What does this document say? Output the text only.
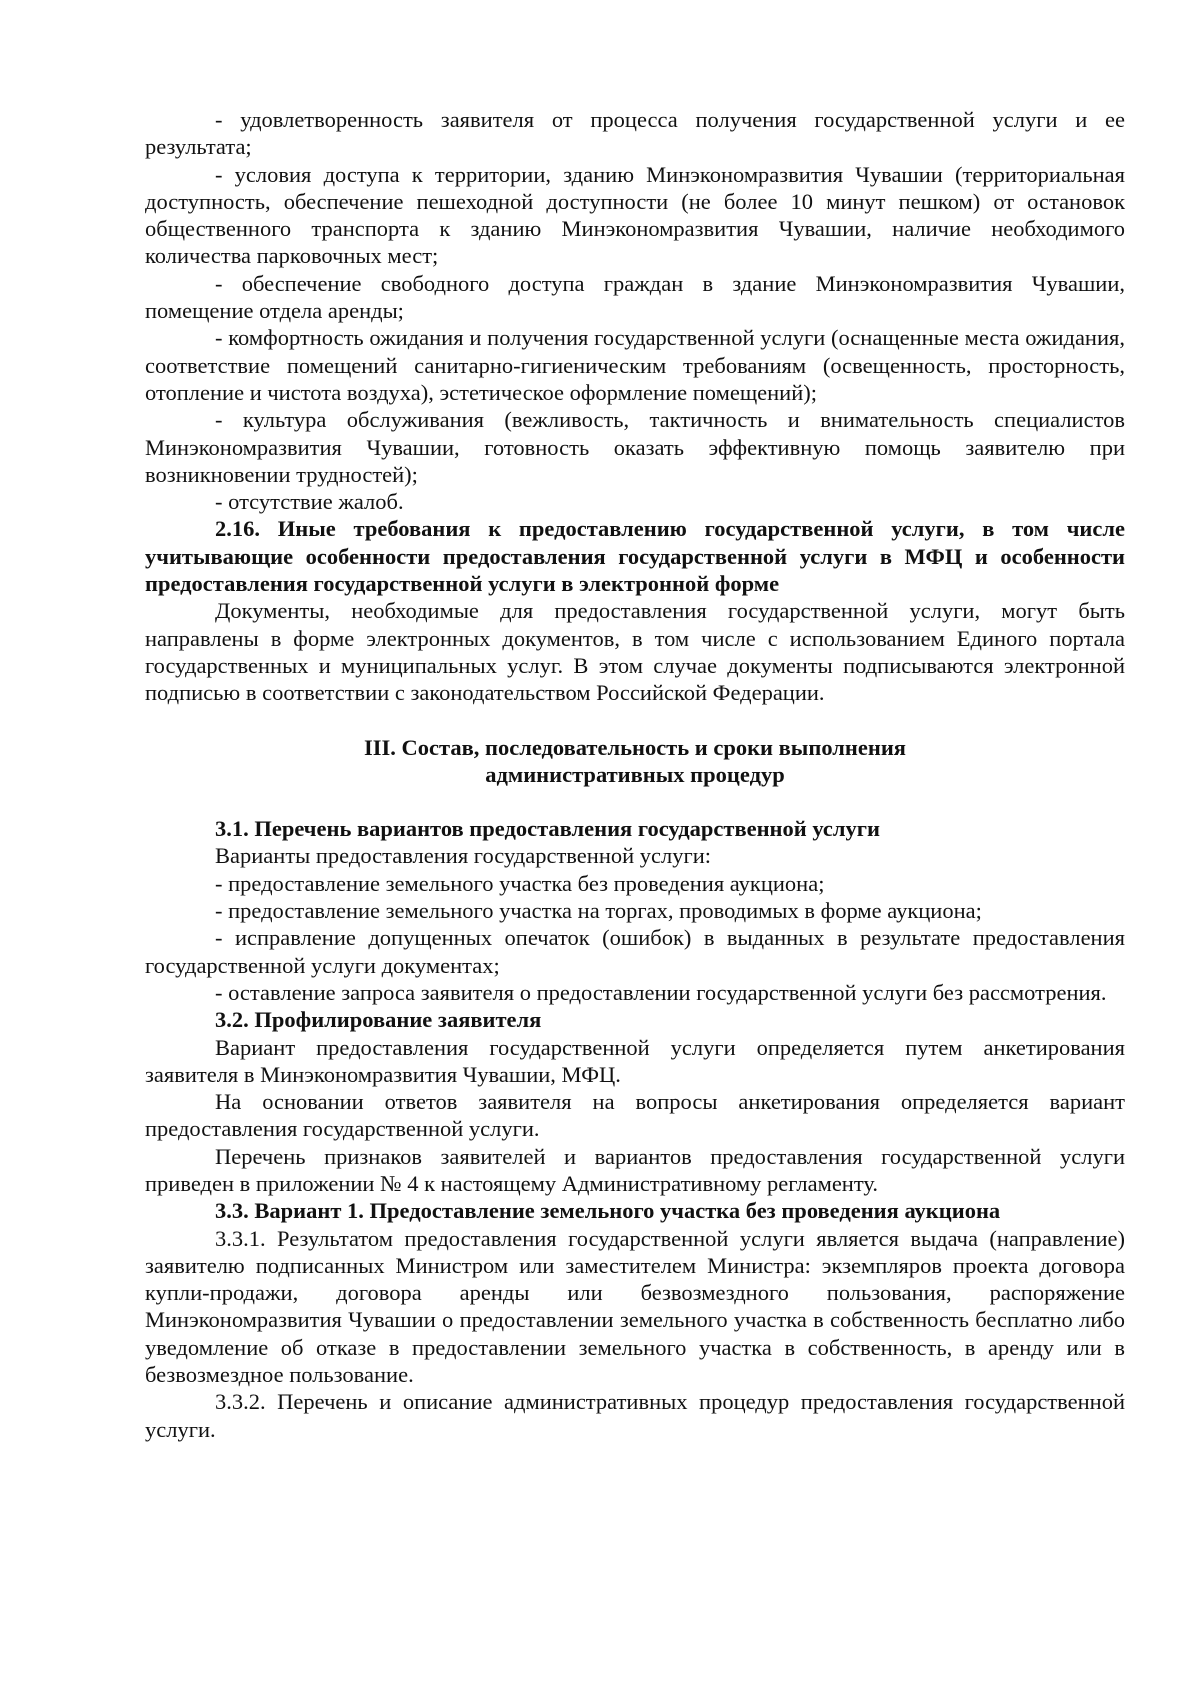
- удовлетворенность заявителя от процесса получения государственной услуги и ее результата;

- условия доступа к территории, зданию Минэкономразвития Чувашии (территориальная доступность, обеспечение пешеходной доступности (не более 10 минут пешком) от остановок общественного транспорта к зданию Минэкономразвития Чувашии, наличие необходимого количества парковочных мест;

- обеспечение свободного доступа граждан в здание Минэкономразвития Чувашии, помещение отдела аренды;

- комфортность ожидания и получения государственной услуги (оснащенные места ожидания, соответствие помещений санитарно-гигиеническим требованиям (освещенность, просторность, отопление и чистота воздуха), эстетическое оформление помещений);

- культура обслуживания (вежливость, тактичность и внимательность специалистов Минэкономразвития Чувашии, готовность оказать эффективную помощь заявителю при возникновении трудностей);

- отсутствие жалоб.

2.16. Иные требования к предоставлению государственной услуги, в том числе учитывающие особенности предоставления государственной услуги в МФЦ и особенности предоставления государственной услуги в электронной форме

Документы, необходимые для предоставления государственной услуги, могут быть направлены в форме электронных документов, в том числе с использованием Единого портала государственных и муниципальных услуг. В этом случае документы подписываются электронной подписью в соответствии с законодательством Российской Федерации.

III. Состав, последовательность и сроки выполнения

административных процедур

3.1. Перечень вариантов предоставления государственной услуги

Варианты предоставления государственной услуги:

- предоставление земельного участка без проведения аукциона;

- предоставление земельного участка на торгах, проводимых в форме аукциона;

- исправление допущенных опечаток (ошибок) в выданных в результате предоставления государственной услуги документах;

- оставление запроса заявителя о предоставлении государственной услуги без рассмотрения.

3.2. Профилирование заявителя

Вариант предоставления государственной услуги определяется путем анкетирования заявителя в Минэкономразвития Чувашии, МФЦ.

На основании ответов заявителя на вопросы анкетирования определяется вариант предоставления государственной услуги.

Перечень признаков заявителей и вариантов предоставления государственной услуги приведен в приложении № 4 к настоящему Административному регламенту.

3.3. Вариант 1. Предоставление земельного участка без проведения аукциона

3.3.1. Результатом предоставления государственной услуги является выдача (направление) заявителю подписанных Министром или заместителем Министра: экземпляров проекта договора купли-продажи, договора аренды или безвозмездного пользования, распоряжение Минэкономразвития Чувашии о предоставлении земельного участка в собственность бесплатно либо уведомление об отказе в предоставлении земельного участка в собственность, в аренду или в безвозмездное пользование.

3.3.2. Перечень и описание административных процедур предоставления государственной услуги.
